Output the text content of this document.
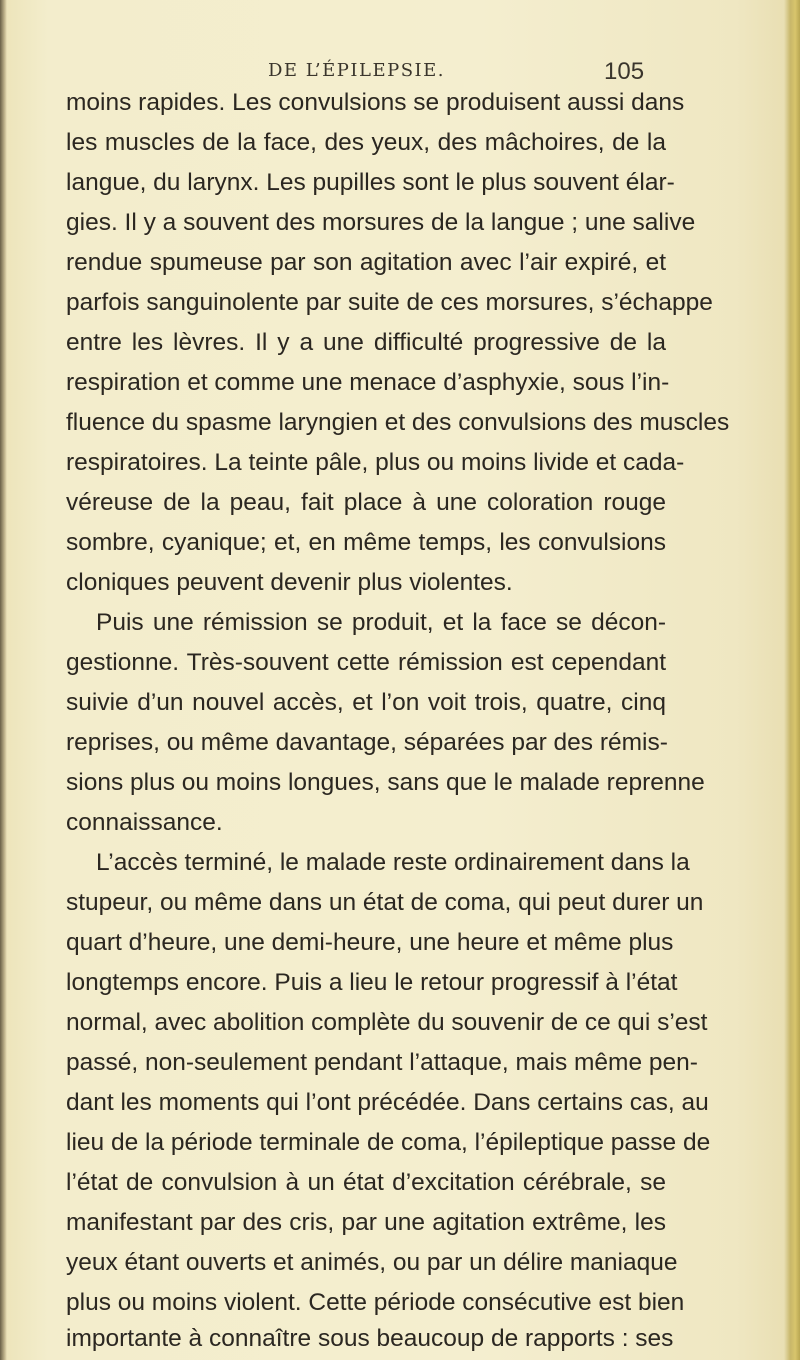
DE L’ÉPILEPSIE.	105
moins rapides. Les convulsions se produisent aussi dans
les muscles de la face, des yeux, des mâchoires, de la
langue, du larynx. Les pupilles sont le plus souvent élar-
gies. Il y a souvent des morsures de la langue ; une salive
rendue spumeuse par son agitation avec l’air expiré, et
parfois sanguinolente par suite de ces morsures, s’échappe
entre les lèvres. Il y a une difficulté progressive de la
respiration et comme une menace d’asphyxie, sous l’in-
fluence du spasme laryngien et des convulsions des muscles
respiratoires. La teinte pâle, plus ou moins livide et cada-
véreuse de la peau, fait place à une coloration rouge
sombre, cyanique; et, en même temps, les convulsions
cloniques peuvent devenir plus violentes.
Puis une rémission se produit, et la face se décon-
gestionne. Très-souvent cette rémission est cependant
suivie d’un nouvel accès, et l’on voit trois, quatre, cinq
reprises, ou même davantage, séparées par des rémis-
sions plus ou moins longues, sans que le malade reprenne
connaissance.
L’accès terminé, le malade reste ordinairement dans la
stupeur, ou même dans un état de coma, qui peut durer un
quart d’heure, une demi-heure, une heure et même plus
longtemps encore. Puis a lieu le retour progressif à l’état
normal, avec abolition complète du souvenir de ce qui s’est
passé, non-seulement pendant l’attaque, mais même pen-
dant les moments qui l’ont précédée. Dans certains cas, au
lieu de la période terminale de coma, l’épileptique passe de
l’état de convulsion à un état d’excitation cérébrale, se
manifestant par des cris, par une agitation extrême, les
yeux étant ouverts et animés, ou par un délire maniaque
plus ou moins violent. Cette période consécutive est bien
importante à connaître sous beaucoup de rapports : ses
